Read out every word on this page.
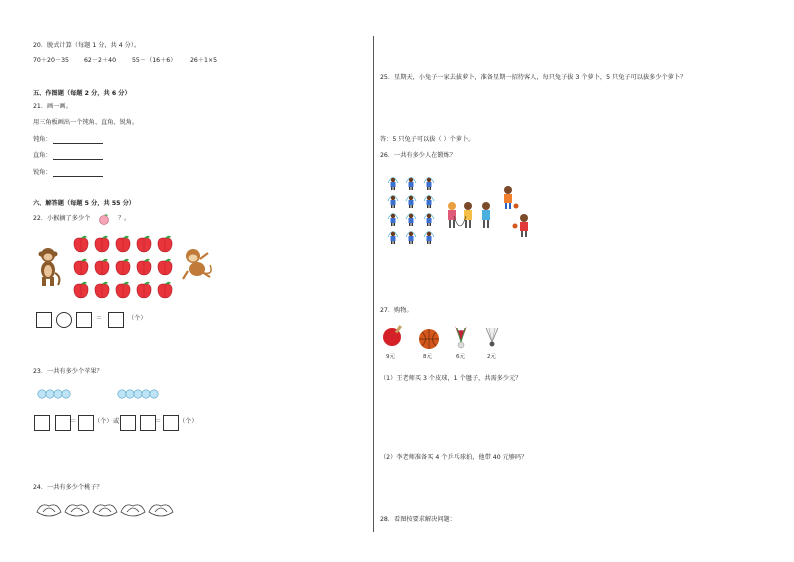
20．脱式计算（每题 1 分，共 4 分）。
70＋20－35 62－2＋40	55－（16＋6） 26＋1×5
五、作图题（每题 2 分，共 6 分）
21．画一画。
用三角板画出一个钝角、直角、锐角。
钝角：
直角：
锐角：
六、解答题（每题 5 分，共 55 分）
22．小猴摘了多少个	？。
＝	（个）
23．一共有多少个苹果？
＝	（个） 或	＝	（个）
24．一共有多少个桃子？
25．星期天，小兔子一家去拔萝卜，准备星期一招待客人，每只兔子拔 3 个萝卜，5 只兔子可以拔多少个萝卜？
答：5 只兔子可以拔（ ）个萝卜。
26．一共有多少人在锻炼？
27．购物。
9元	8元	6元	2元
（1）王老师买 3 个皮球，1 个毽子，共需多少元？
（2）李老师准备买 4 个乒乓球拍，他带 40 元够吗？
28．看图按要求解决问题：
